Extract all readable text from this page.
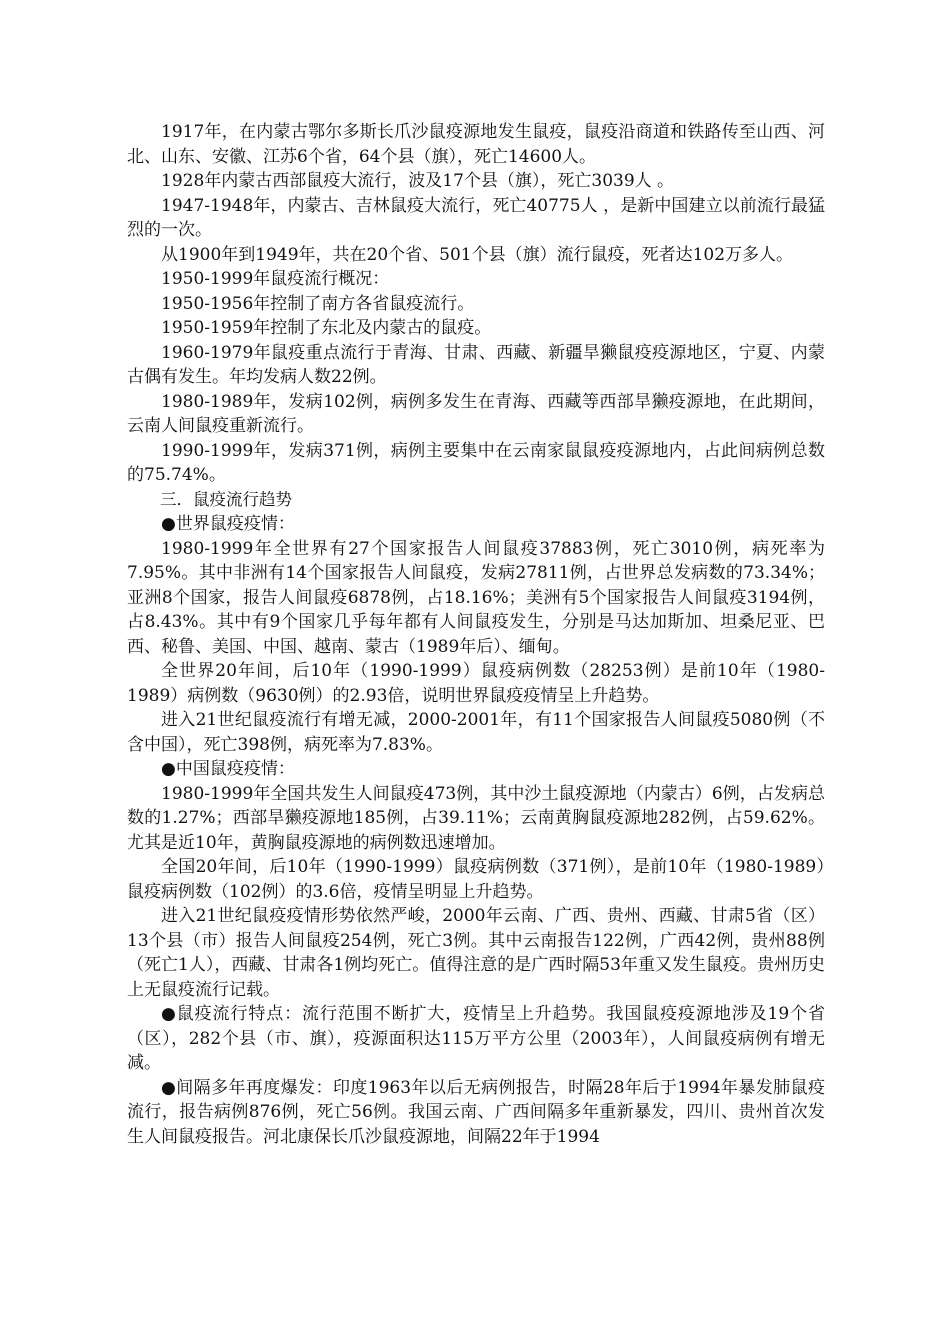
1917年，在内蒙古鄂尔多斯长爪沙鼠疫源地发生鼠疫，鼠疫沿商道和铁路传至山西、河北、山东、安徽、江苏6个省，64个县（旗），死亡14600人。

1928年内蒙古西部鼠疫大流行，波及17个县（旗），死亡3039人 。

1947-1948年，内蒙古、吉林鼠疫大流行，死亡40775人 ，是新中国建立以前流行最猛烈的一次。

从1900年到1949年，共在20个省、501个县（旗）流行鼠疫，死者达102万多人。

1950-1999年鼠疫流行概况：

1950-1956年控制了南方各省鼠疫流行。

1950-1959年控制了东北及内蒙古的鼠疫。

1960-1979年鼠疫重点流行于青海、甘肃、西藏、新疆旱獭鼠疫疫源地区，宁夏、内蒙古偶有发生。年均发病人数22例。

1980-1989年，发病102例，病例多发生在青海、西藏等西部旱獭疫源地，在此期间，云南人间鼠疫重新流行。

1990-1999年，发病371例，病例主要集中在云南家鼠鼠疫疫源地内，占此间病例总数的75.74%。

三．鼠疫流行趋势

●世界鼠疫疫情：

1980-1999年全世界有27个国家报告人间鼠疫37883例，死亡3010例，病死率为7.95%。其中非洲有14个国家报告人间鼠疫，发病27811例，占世界总发病数的73.34%；亚洲8个国家，报告人间鼠疫6878例，占18.16%；美洲有5个国家报告人间鼠疫3194例，占8.43%。其中有9个国家几乎每年都有人间鼠疫发生，分别是马达加斯加、坦桑尼亚、巴西、秘鲁、美国、中国、越南、蒙古（1989年后）、缅甸。

全世界20年间，后10年（1990-1999）鼠疫病例数（28253例）是前10年（1980-1989）病例数（9630例）的2.93倍，说明世界鼠疫疫情呈上升趋势。

进入21世纪鼠疫流行有增无减，2000-2001年，有11个国家报告人间鼠疫5080例（不含中国），死亡398例，病死率为7.83%。

●中国鼠疫疫情：

1980-1999年全国共发生人间鼠疫473例，其中沙土鼠疫源地（内蒙古）6例，占发病总数的1.27%；西部旱獭疫源地185例，占39.11%；云南黄胸鼠疫源地282例，占59.62%。尤其是近10年，黄胸鼠疫源地的病例数迅速增加。

全国20年间，后10年（1990-1999）鼠疫病例数（371例），是前10年（1980-1989）鼠疫病例数（102例）的3.6倍，疫情呈明显上升趋势。

进入21世纪鼠疫疫情形势依然严峻，2000年云南、广西、贵州、西藏、甘肃5省（区）13个县（市）报告人间鼠疫254例，死亡3例。其中云南报告122例，广西42例，贵州88例（死亡1人），西藏、甘肃各1例均死亡。值得注意的是广西时隔53年重又发生鼠疫。贵州历史上无鼠疫流行记载。

●鼠疫流行特点：流行范围不断扩大，疫情呈上升趋势。我国鼠疫疫源地涉及19个省（区），282个县（市、旗），疫源面积达115万平方公里（2003年），人间鼠疫病例有增无减。

●间隔多年再度爆发：印度1963年以后无病例报告，时隔28年后于1994年暴发肺鼠疫流行，报告病例876例，死亡56例。我国云南、广西间隔多年重新暴发，四川、贵州首次发生人间鼠疫报告。河北康保长爪沙鼠疫源地，间隔22年于1994
